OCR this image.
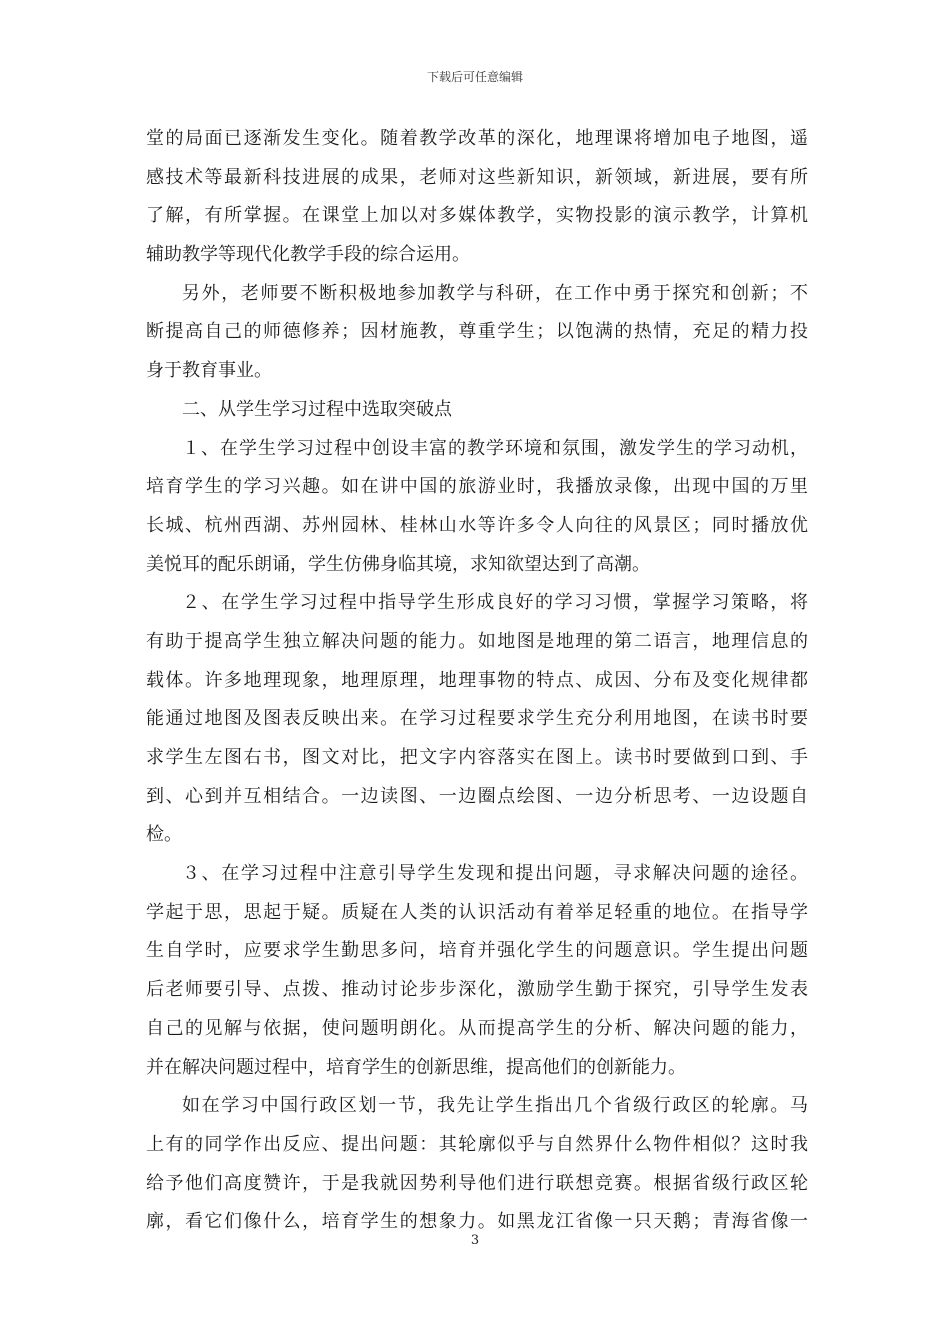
下载后可任意编辑
堂的局面已逐渐发生变化。随着教学改革的深化，地理课将增加电子地图，遥
感技术等最新科技进展的成果，老师对这些新知识，新领域，新进展，要有所
了解，有所掌握。在课堂上加以对多媒体教学，实物投影的演示教学，计算机
辅助教学等现代化教学手段的综合运用。
另外，老师要不断积极地参加教学与科研，在工作中勇于探究和创新；不
断提高自己的师德修养；因材施教，尊重学生；以饱满的热情，充足的精力投
身于教育事业。
二、从学生学习过程中选取突破点
１、在学生学习过程中创设丰富的教学环境和氛围，激发学生的学习动机，
培育学生的学习兴趣。如在讲中国的旅游业时，我播放录像，出现中国的万里
长城、杭州西湖、苏州园林、桂林山水等许多令人向往的风景区；同时播放优
美悦耳的配乐朗诵，学生仿佛身临其境，求知欲望达到了高潮。
２、在学生学习过程中指导学生形成良好的学习习惯，掌握学习策略，将
有助于提高学生独立解决问题的能力。如地图是地理的第二语言，地理信息的
载体。许多地理现象，地理原理，地理事物的特点、成因、分布及变化规律都
能通过地图及图表反映出来。在学习过程要求学生充分利用地图，在读书时要
求学生左图右书，图文对比，把文字内容落实在图上。读书时要做到口到、手
到、心到并互相结合。一边读图、一边圈点绘图、一边分析思考、一边设题自
检。
３、在学习过程中注意引导学生发现和提出问题，寻求解决问题的途径。
学起于思，思起于疑。质疑在人类的认识活动有着举足轻重的地位。在指导学
生自学时，应要求学生勤思多问，培育并强化学生的问题意识。学生提出问题
后老师要引导、点拨、推动讨论步步深化，激励学生勤于探究，引导学生发表
自己的见解与依据，使问题明朗化。从而提高学生的分析、解决问题的能力，
并在解决问题过程中，培育学生的创新思维，提高他们的创新能力。
如在学习中国行政区划一节，我先让学生指出几个省级行政区的轮廓。马
上有的同学作出反应、提出问题：其轮廓似乎与自然界什么物件相似？这时我
给予他们高度赞许，于是我就因势利导他们进行联想竞赛。根据省级行政区轮
廓，看它们像什么，培育学生的想象力。如黑龙江省像一只天鹅；青海省像一
3
